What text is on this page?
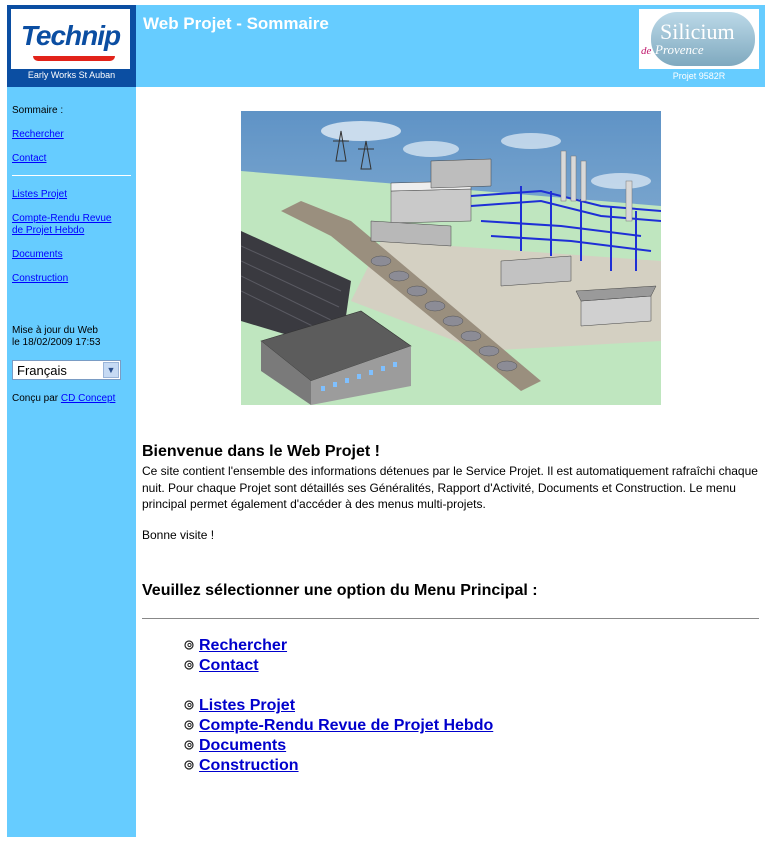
Technip
Early Works St Auban
Web Projet - Sommaire	Silicium
de Provence
Projet 9582R
Sommaire :
Rechercher
Contact
Listes Projet
Compte-Rendu Revue de Projet Hebdo
Documents
Construction
Mise à jour du Web
le 18/02/2009 17:53
Français	▼
Conçu par CD Concept
Bienvenue dans le Web Projet !
Ce site contient l'ensemble des informations détenues par le Service Projet. Il est automatiquement rafraîchi chaque nuit. Pour chaque Projet sont détaillés ses Généralités, Rapport d'Activité, Documents et Construction. Le menu principal permet également d'accéder à des menus multi-projets.
Bonne visite !
Veuillez sélectionner une option du Menu Principal :
Rechercher
Contact
Listes Projet
Compte-Rendu Revue de Projet Hebdo
Documents
Construction
